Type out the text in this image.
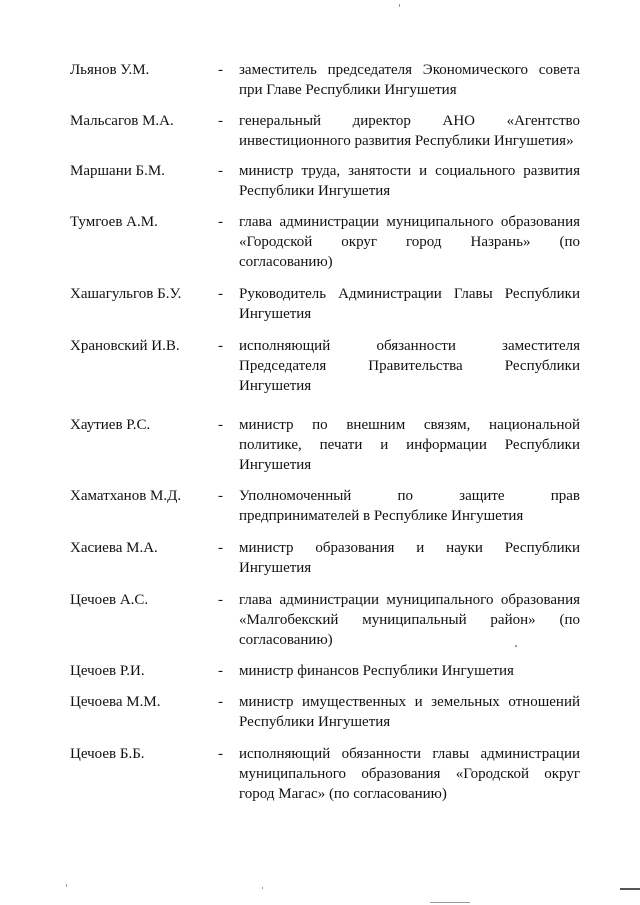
Льянов У.М.	- заместитель председателя Экономического совета
при Главе Республики Ингушетия
Мальсагов М.А.	- генеральный директор АНО «Агентство
инвестиционного развития Республики Ингушетия»
Маршани Б.М.	- министр труда, занятости и социального развития
Республики Ингушетия
Тумгоев А.М.	- глава администрации муниципального образования
«Городской округ город Назрань» (по
согласованию)
Хашагульгов Б.У. - Руководитель Администрации Главы Республики
Ингушетия
Храновский И.В.	- исполняющий обязанности заместителя
Председателя Правительства Республики
Ингушетия
Хаутиев Р.С.	- министр по внешним связям, национальной
политике, печати и информации Республики
Ингушетия
Хаматханов М.Д. - Уполномоченный по защите прав
предпринимателей в Республике Ингушетия
Хасиева М.А.	- министр образования и науки Республики
Ингушетия
Цечоев А.С.	- глава администрации муниципального образования
«Малгобекский муниципальный район» (по
согласованию)
Цечоев Р.И.	- министр финансов Республики Ингушетия
Цечоева М.М.	- министр имущественных и земельных отношений
Республики Ингушетия
Цечоев Б.Б.	- исполняющий обязанности главы администрации
муниципального образования «Городской округ
город Магас» (по согласованию)
